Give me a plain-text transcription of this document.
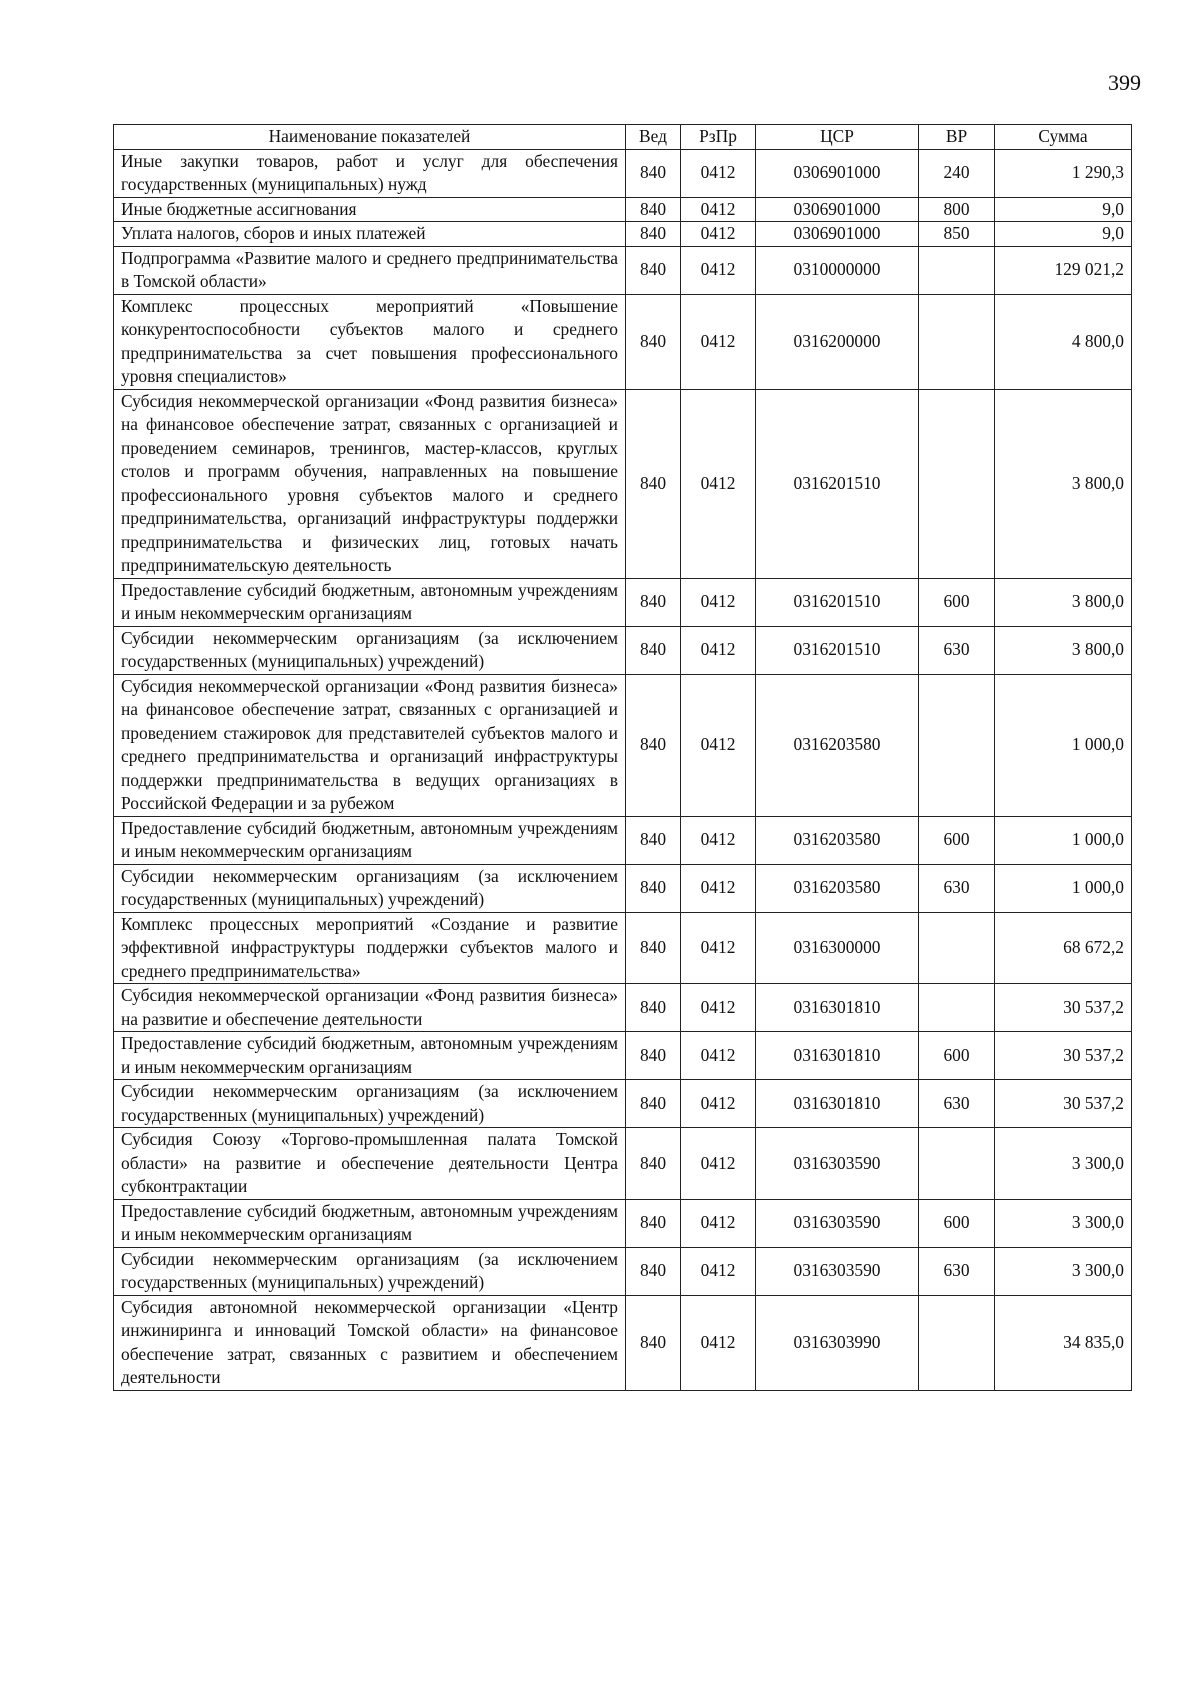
399
Наименование показателей	Вед	РзПр	ЦСР	ВР	Сумма
Иные закупки товаров, работ и услуг для обеспечения государственных (муниципальных) нужд	840	0412	0306901000	240	1 290,3
Иные бюджетные ассигнования	840	0412	0306901000	800	9,0
Уплата налогов, сборов и иных платежей	840	0412	0306901000	850	9,0
Подпрограмма «Развитие малого и среднего предпринимательства в Томской области»	840	0412	0310000000		129 021,2
Комплекс процессных мероприятий «Повышение конкурентоспособности субъектов малого и среднего предпринимательства за счет повышения профессионального уровня специалистов»	840	0412	0316200000		4 800,0
Субсидия некоммерческой организации «Фонд развития бизнеса» на финансовое обеспечение затрат, связанных с организацией и проведением семинаров, тренингов, мастер-классов, круглых столов и программ обучения, направленных на повышение профессионального уровня субъектов малого и среднего предпринимательства, организаций инфраструктуры поддержки предпринимательства и физических лиц, готовых начать предпринимательскую деятельность	840	0412	0316201510		3 800,0
Предоставление субсидий бюджетным, автономным учреждениям и иным некоммерческим организациям	840	0412	0316201510	600	3 800,0
Субсидии некоммерческим организациям (за исключением государственных (муниципальных) учреждений)	840	0412	0316201510	630	3 800,0
Субсидия некоммерческой организации «Фонд развития бизнеса» на финансовое обеспечение затрат, связанных с организацией и проведением стажировок для представителей субъектов малого и среднего предпринимательства и организаций инфраструктуры поддержки предпринимательства в ведущих организациях в Российской Федерации и за рубежом	840	0412	0316203580		1 000,0
Предоставление субсидий бюджетным, автономным учреждениям и иным некоммерческим организациям	840	0412	0316203580	600	1 000,0
Субсидии некоммерческим организациям (за исключением государственных (муниципальных) учреждений)	840	0412	0316203580	630	1 000,0
Комплекс процессных мероприятий «Создание и развитие эффективной инфраструктуры поддержки субъектов малого и среднего предпринимательства»	840	0412	0316300000		68 672,2
Субсидия некоммерческой организации «Фонд развития бизнеса» на развитие и обеспечение деятельности	840	0412	0316301810		30 537,2
Предоставление субсидий бюджетным, автономным учреждениям и иным некоммерческим организациям	840	0412	0316301810	600	30 537,2
Субсидии некоммерческим организациям (за исключением государственных (муниципальных) учреждений)	840	0412	0316301810	630	30 537,2
Субсидия Союзу «Торгово-промышленная палата Томской области» на развитие и обеспечение деятельности Центра субконтрактации	840	0412	0316303590		3 300,0
Предоставление субсидий бюджетным, автономным учреждениям и иным некоммерческим организациям	840	0412	0316303590	600	3 300,0
Субсидии некоммерческим организациям (за исключением государственных (муниципальных) учреждений)	840	0412	0316303590	630	3 300,0
Субсидия автономной некоммерческой организации «Центр инжиниринга и инноваций Томской области» на финансовое обеспечение затрат, связанных с развитием и обеспечением деятельности	840	0412	0316303990		34 835,0
